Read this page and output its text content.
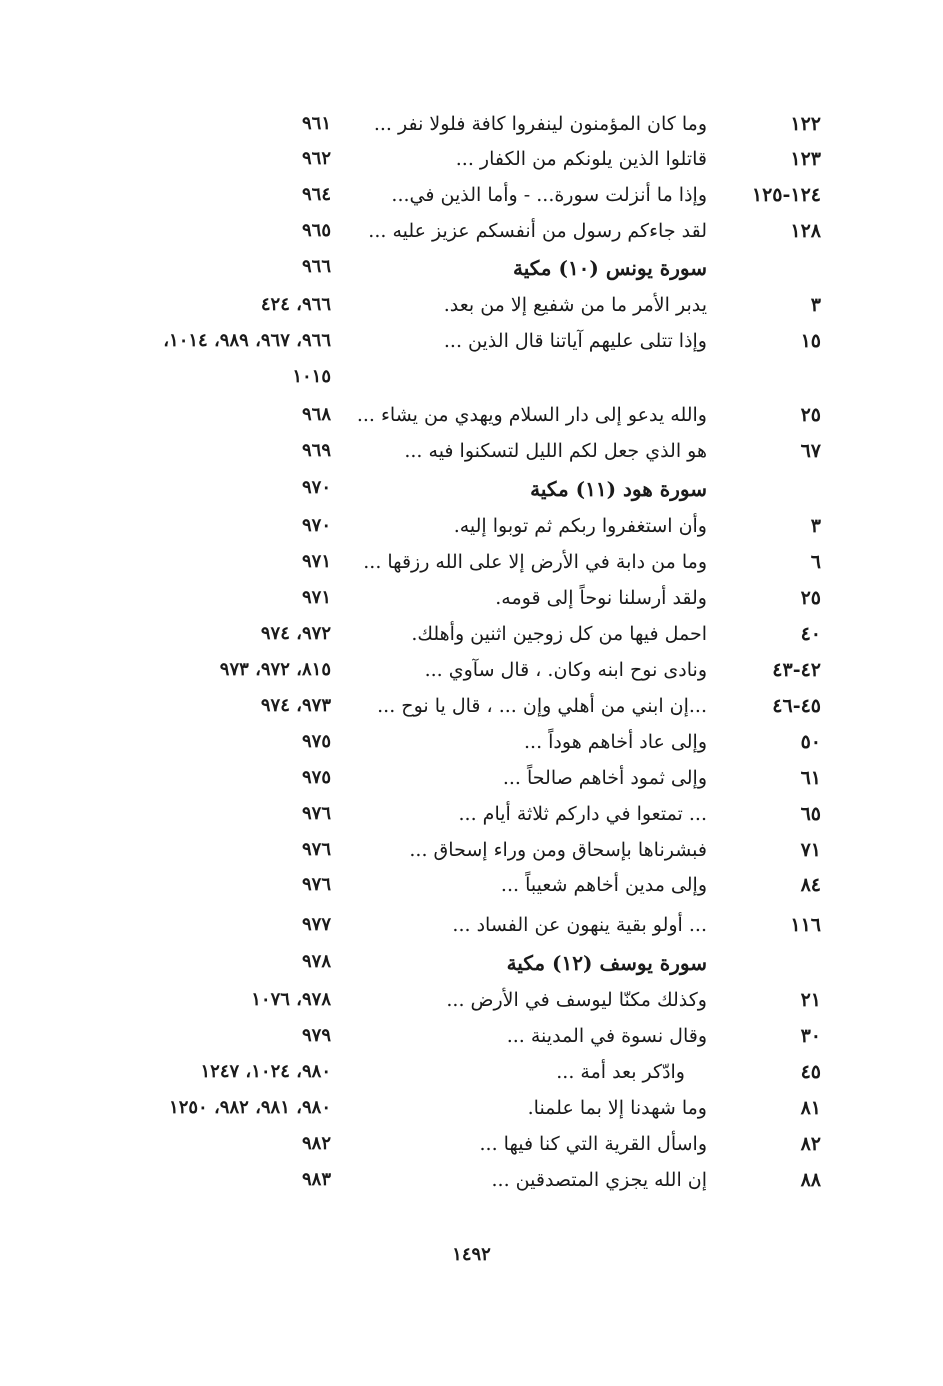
١٢٢
وما كان المؤمنون لينفروا كافة فلولا نفر ...
٩٦١
١٢٣
قاتلوا الذين يلونكم من الكفار ...
٩٦٢
١٢٤-١٢٥
وإذا ما أنزلت سورة... - وأما الذين في...
٩٦٤
١٢٨
لقد جاءكم رسول من أنفسكم عزيز عليه ...
٩٦٥
سورة يونس (١٠) مكية
٩٦٦
٣
يدبر الأمر ما من شفيع إلا من بعد.
٩٦٦، ٤٢٤
١٥
وإذا تتلى عليهم آياتنا قال الذين ...
٩٦٦، ٩٦٧، ٩٨٩، ١٠١٤،
١٠١٥
٢٥
والله يدعو إلى دار السلام ويهدي من يشاء ...
٩٦٨
٦٧
هو الذي جعل لكم الليل لتسكنوا فيه ...
٩٦٩
سورة هود (١١) مكية
٩٧٠
٣
وأن استغفروا ربكم ثم توبوا إليه.
٩٧٠
٦
وما من دابة في الأرض إلا على الله رزقها ...
٩٧١
٢٥
ولقد أرسلنا نوحاً إلى قومه.
٩٧١
٤٠
احمل فيها من كل زوجين اثنين وأهلك.
٩٧٢، ٩٧٤
٤٢-٤٣
ونادى نوح ابنه وكان. ، قال سآوي ...
٨١٥، ٩٧٢، ٩٧٣
٤٥-٤٦
...إن ابني من أهلي وإن ... ، قال يا نوح ...
٩٧٣، ٩٧٤
٥٠
وإلى عاد أخاهم هوداً ...
٩٧٥
٦١
وإلى ثمود أخاهم صالحاً ...
٩٧٥
٦٥
... تمتعوا في داركم ثلاثة أيام ...
٩٧٦
٧١
فبشرناها بإسحاق ومن وراء إسحاق ...
٩٧٦
٨٤
وإلى مدين أخاهم شعيباً ...
٩٧٦
١١٦
... أولو بقية ينهون عن الفساد ...
٩٧٧
سورة يوسف (١٢) مكية
٩٧٨
٢١
وكذلك مكنّا ليوسف في الأرض ...
٩٧٨، ١٠٧٦
٣٠
وقال نسوة في المدينة ...
٩٧٩
٤٥
وادّكر بعد أمة ...
٩٨٠، ١٠٢٤، ١٢٤٧
٨١
وما شهدنا إلا بما علمنا.
٩٨٠، ٩٨١، ٩٨٢، ١٢٥٠
٨٢
واسأل القرية التي كنا فيها ...
٩٨٢
٨٨
إن الله يجزي المتصدقين ...
٩٨٣
١٤٩٢
